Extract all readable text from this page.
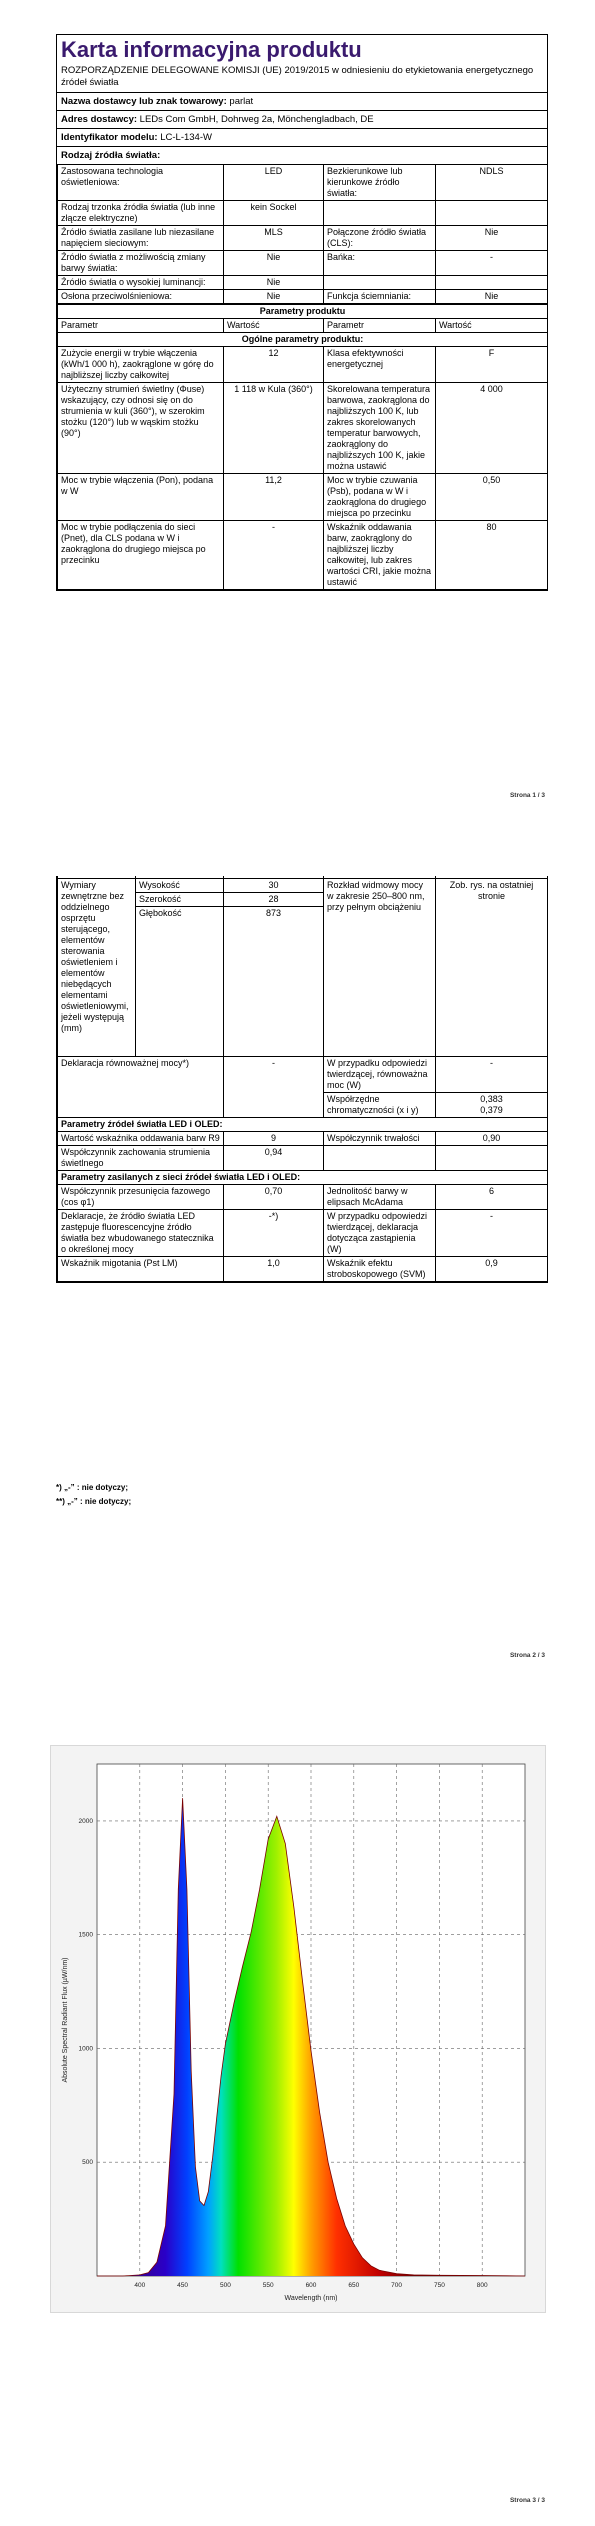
Karta informacyjna produktu
ROZPORZĄDZENIE DELEGOWANE KOMISJI (UE) 2019/2015 w odniesieniu do etykietowania energetycznego źródeł światła
Nazwa dostawcy lub znak towarowy: parlat
Adres dostawcy: LEDs Com GmbH, Dohrweg 2a, Mönchengladbach, DE
Identyfikator modelu: LC-L-134-W
Rodzaj źródła światła:
Zastosowana technologia oświetleniowa:	LED	Bezkierunkowe lub kierunkowe źródło światła:	NDLS
Rodzaj trzonka źródła światła (lub inne złącze elektryczne)	kein Sockel		
Źródło światła zasilane lub niezasilane napięciem sieciowym:	MLS	Połączone źródło światła (CLS):	Nie
Źródło światła z możliwością zmiany barwy światła:	Nie	Bańka:	-
Źródło światła o wysokiej luminancji:	Nie		
Osłona przeciwolśnieniowa:	Nie	Funkcja ściemniania:	Nie
Parametry produktu			
Parametr	Wartość	Parametr	Wartość
Ogólne parametry produktu:			
Zużycie energii w trybie włączenia (kWh/1 000 h), zaokrąglone w górę do najbliższej liczby całkowitej	12	Klasa efektywności energetycznej	F
Użyteczny strumień świetlny (Φuse) wskazujący, czy odnosi się on do strumienia w kuli (360°), w szerokim stożku (120°) lub w wąskim stożku (90°)	1 118 w Kula (360°)	Skorelowana temperatura barwowa, zaokrąglona do najbliższych 100 K, lub zakres skorelowanych temperatur barwowych, zaokrąglony do najbliższych 100 K, jakie można ustawić	4 000
Moc w trybie włączenia (Pon), podana w W	11,2	Moc w trybie czuwania (Psb), podana w W i zaokrąglona do drugiego miejsca po przecinku	0,50
Moc w trybie podłączenia do sieci (Pnet), dla CLS podana w W i zaokrąglona do drugiego miejsca po przecinku	-	Wskaźnik oddawania barw, zaokrąglony do najbliższej liczby całkowitej, lub zakres wartości CRI, jakie można ustawić	80
Strona 1 / 3

Wymiary zewnętrzne bez oddzielnego osprzętu sterującego, elementów sterowania oświetleniem i elementów niebędących elementami oświetleniowymi, jeżeli występują (mm)	Wysokość	30	Rozkład widmowy mocy w zakresie 250–800 nm, przy pełnym obciążeniu	Zob. rys. na ostatniej stronie
	Szerokość	28		
	Głębokość	873		
Deklaracja równoważnej mocy*)		-	W przypadku odpowiedzi twierdzącej, równoważna moc (W)	-
			Współrzędne chromatyczności (x i y)	0,383
0,379

Parametry źródeł światła LED i OLED:				
Wartość wskaźnika oddawania barw R9		9	Współczynnik trwałości	0,90
Współczynnik zachowania strumienia świetlnego		0,94		
Parametry zasilanych z sieci źródeł światła LED i OLED:				
Współczynnik przesunięcia fazowego (cos φ1)		0,70	Jednolitość barwy w elipsach McAdama	6
Deklaracje, że źródło światła LED zastępuje fluorescencyjne źródło światła bez wbudowanego statecznika o określonej mocy		-*)	W przypadku odpowiedzi twierdzącej, deklaracja dotycząca zastąpienia (W)	-
Wskaźnik migotania (Pst LM)		1,0	Wskaźnik efektu stroboskopowego (SVM)	0,9
*) „-” : nie dotyczy;
**) „-” : nie dotyczy;
Strona 2 / 3
400	450	500	550	600	650	700	750	800
500
1000
1500
2000
Absolute Spectral Radiant Flux (µW/nm)
Wavelength (nm)
Strona 3 / 3
